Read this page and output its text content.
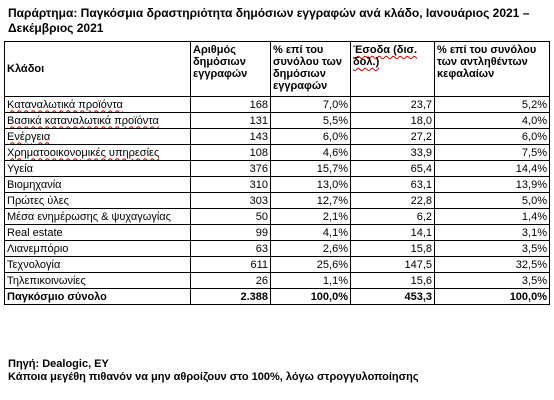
Παράρτημα: Παγκόσμια δραστηριότητα δημόσιων εγγραφών ανά κλάδο, Ιανουάριος 2021 – Δεκέμβριος 2021
Κλάδοι	Αριθμός δημόσιων εγγραφών	% επί του συνόλου των δημόσιων εγγραφών	Έσοδα (δισ. δολ.)	% επί του συνόλου των αντληθέντων κεφαλαίων
Καταναλωτικά προϊόντα	168	7,0%	23,7	5,2%
Βασικά καταναλωτικά προϊόντα	131	5,5%	18,0	4,0%
Ενέργεια	143	6,0%	27,2	6,0%
Χρηματοοικονομικές υπηρεσίες	108	4,6%	33,9	7,5%
Υγεία	376	15,7%	65,4	14,4%
Βιομηχανία	310	13,0%	63,1	13,9%
Πρώτες ύλες	303	12,7%	22,8	5,0%
Μέσα ενημέρωσης & ψυχαγωγίας	50	2,1%	6,2	1,4%
Real estate	99	4,1%	14,1	3,1%
Λιανεμπόριο	63	2,6%	15,8	3,5%
Τεχνολογία	611	25,6%	147,5	32,5%
Τηλεπικοινωνίες	26	1,1%	15,6	3,5%
Παγκόσμιο σύνολο	2.388	100,0%	453,3	100,0%
Πηγή: Dealogic, EY
Κάποια μεγέθη πιθανόν να μην αθροίζουν στο 100%, λόγω στρογγυλοποίησης
